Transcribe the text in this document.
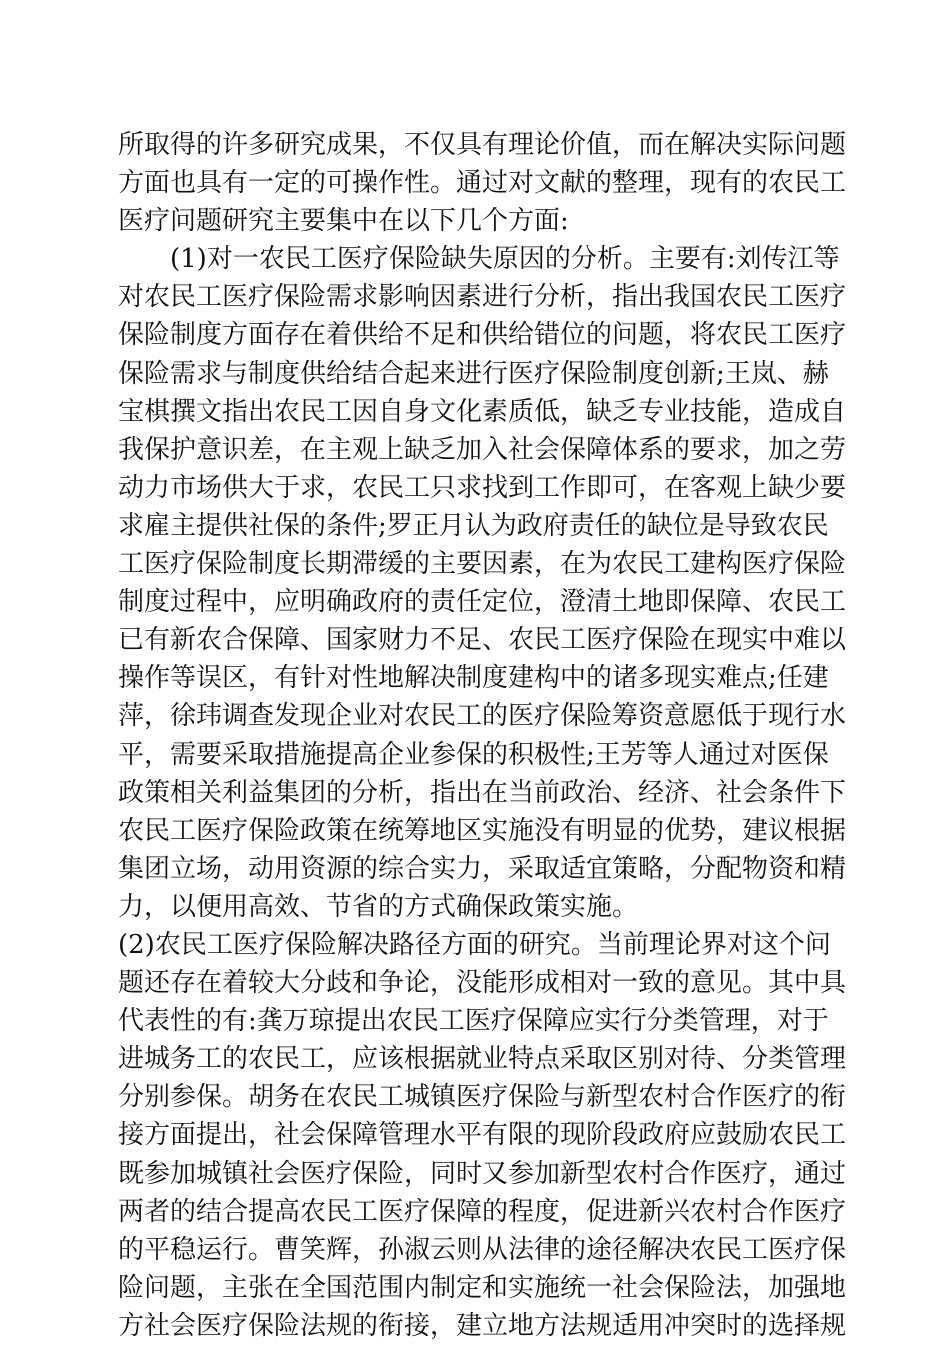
所取得的许多研究成果，不仅具有理论价值，而在解决实际问题
方面也具有一定的可操作性。通过对文献的整理，现有的农民工
医疗问题研究主要集中在以下几个方面:
(1)对一农民工医疗保险缺失原因的分析。主要有:刘传江等
对农民工医疗保险需求影响因素进行分析，指出我国农民工医疗
保险制度方面存在着供给不足和供给错位的问题，将农民工医疗
保险需求与制度供给结合起来进行医疗保险制度创新;王岚、赫
宝棋撰文指出农民工因自身文化素质低，缺乏专业技能，造成自
我保护意识差，在主观上缺乏加入社会保障体系的要求，加之劳
动力市场供大于求，农民工只求找到工作即可，在客观上缺少要
求雇主提供社保的条件;罗正月认为政府责任的缺位是导致农民
工医疗保险制度长期滞缓的主要因素，在为农民工建构医疗保险
制度过程中，应明确政府的责任定位，澄清土地即保障、农民工
已有新农合保障、国家财力不足、农民工医疗保险在现实中难以
操作等误区，有针对性地解决制度建构中的诸多现实难点;任建
萍，徐玮调查发现企业对农民工的医疗保险筹资意愿低于现行水
平，需要采取措施提高企业参保的积极性;王芳等人通过对医保
政策相关利益集团的分析，指出在当前政治、经济、社会条件下
农民工医疗保险政策在统筹地区实施没有明显的优势，建议根据
集团立场，动用资源的综合实力，采取适宜策略，分配物资和精
力，以便用高效、节省的方式确保政策实施。
(2)农民工医疗保险解决路径方面的研究。当前理论界对这个问
题还存在着较大分歧和争论，没能形成相对一致的意见。其中具
代表性的有:龚万琼提出农民工医疗保障应实行分类管理，对于
进城务工的农民工，应该根据就业特点采取区别对待、分类管理
分别参保。胡务在农民工城镇医疗保险与新型农村合作医疗的衔
接方面提出，社会保障管理水平有限的现阶段政府应鼓励农民工
既参加城镇社会医疗保险，同时又参加新型农村合作医疗，通过
两者的结合提高农民工医疗保障的程度，促进新兴农村合作医疗
的平稳运行。曹笑辉，孙淑云则从法律的途径解决农民工医疗保
险问题，主张在全国范围内制定和实施统一社会保险法，加强地
方社会医疗保险法规的衔接，建立地方法规适用冲突时的选择规
